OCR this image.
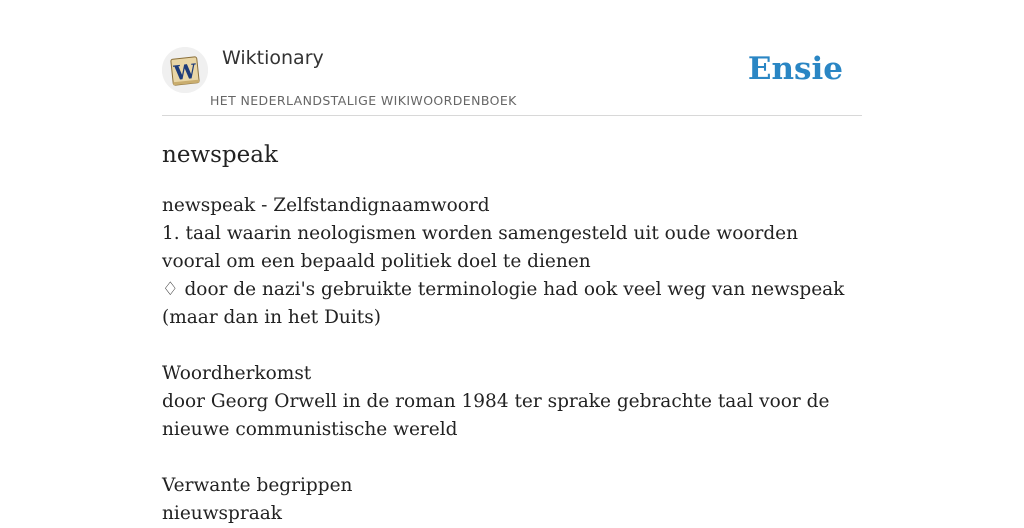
W
Wiktionary
HET NEDERLANDSTALIGE WIKIWOORDENBOEK
Ensie
newspeak
newspeak - Zelfstandignaamwoord
1. taal waarin neologismen worden samengesteld uit oude woorden vooral om een bepaald politiek doel te dienen
♢ door de nazi's gebruikte terminologie had ook veel weg van newspeak (maar dan in het Duits)
Woordherkomst
door Georg Orwell in de roman 1984 ter sprake gebrachte taal voor de nieuwe communistische wereld
Verwante begrippen
nieuwspraak
